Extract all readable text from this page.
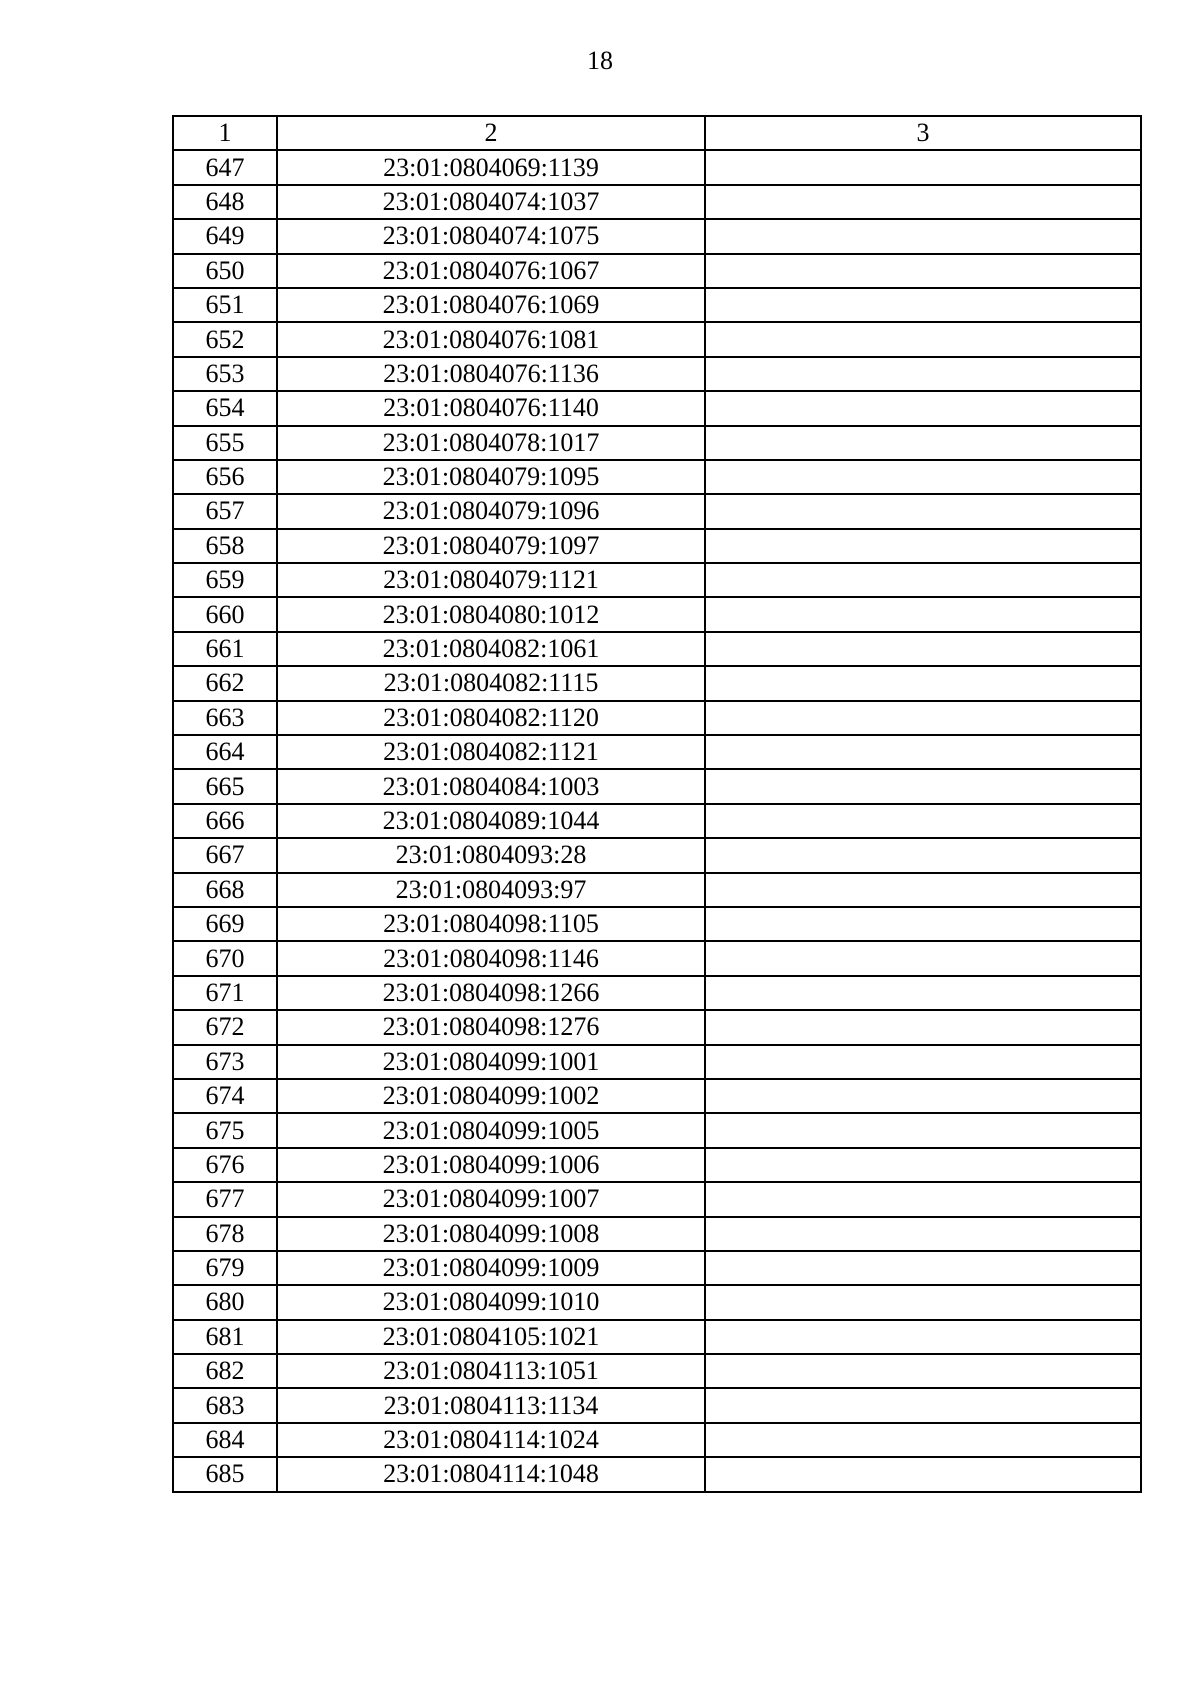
18
1	2	3
647	23:01:0804069:1139	
648	23:01:0804074:1037	
649	23:01:0804074:1075	
650	23:01:0804076:1067	
651	23:01:0804076:1069	
652	23:01:0804076:1081	
653	23:01:0804076:1136	
654	23:01:0804076:1140	
655	23:01:0804078:1017	
656	23:01:0804079:1095	
657	23:01:0804079:1096	
658	23:01:0804079:1097	
659	23:01:0804079:1121	
660	23:01:0804080:1012	
661	23:01:0804082:1061	
662	23:01:0804082:1115	
663	23:01:0804082:1120	
664	23:01:0804082:1121	
665	23:01:0804084:1003	
666	23:01:0804089:1044	
667	23:01:0804093:28	
668	23:01:0804093:97	
669	23:01:0804098:1105	
670	23:01:0804098:1146	
671	23:01:0804098:1266	
672	23:01:0804098:1276	
673	23:01:0804099:1001	
674	23:01:0804099:1002	
675	23:01:0804099:1005	
676	23:01:0804099:1006	
677	23:01:0804099:1007	
678	23:01:0804099:1008	
679	23:01:0804099:1009	
680	23:01:0804099:1010	
681	23:01:0804105:1021	
682	23:01:0804113:1051	
683	23:01:0804113:1134	
684	23:01:0804114:1024	
685	23:01:0804114:1048	
